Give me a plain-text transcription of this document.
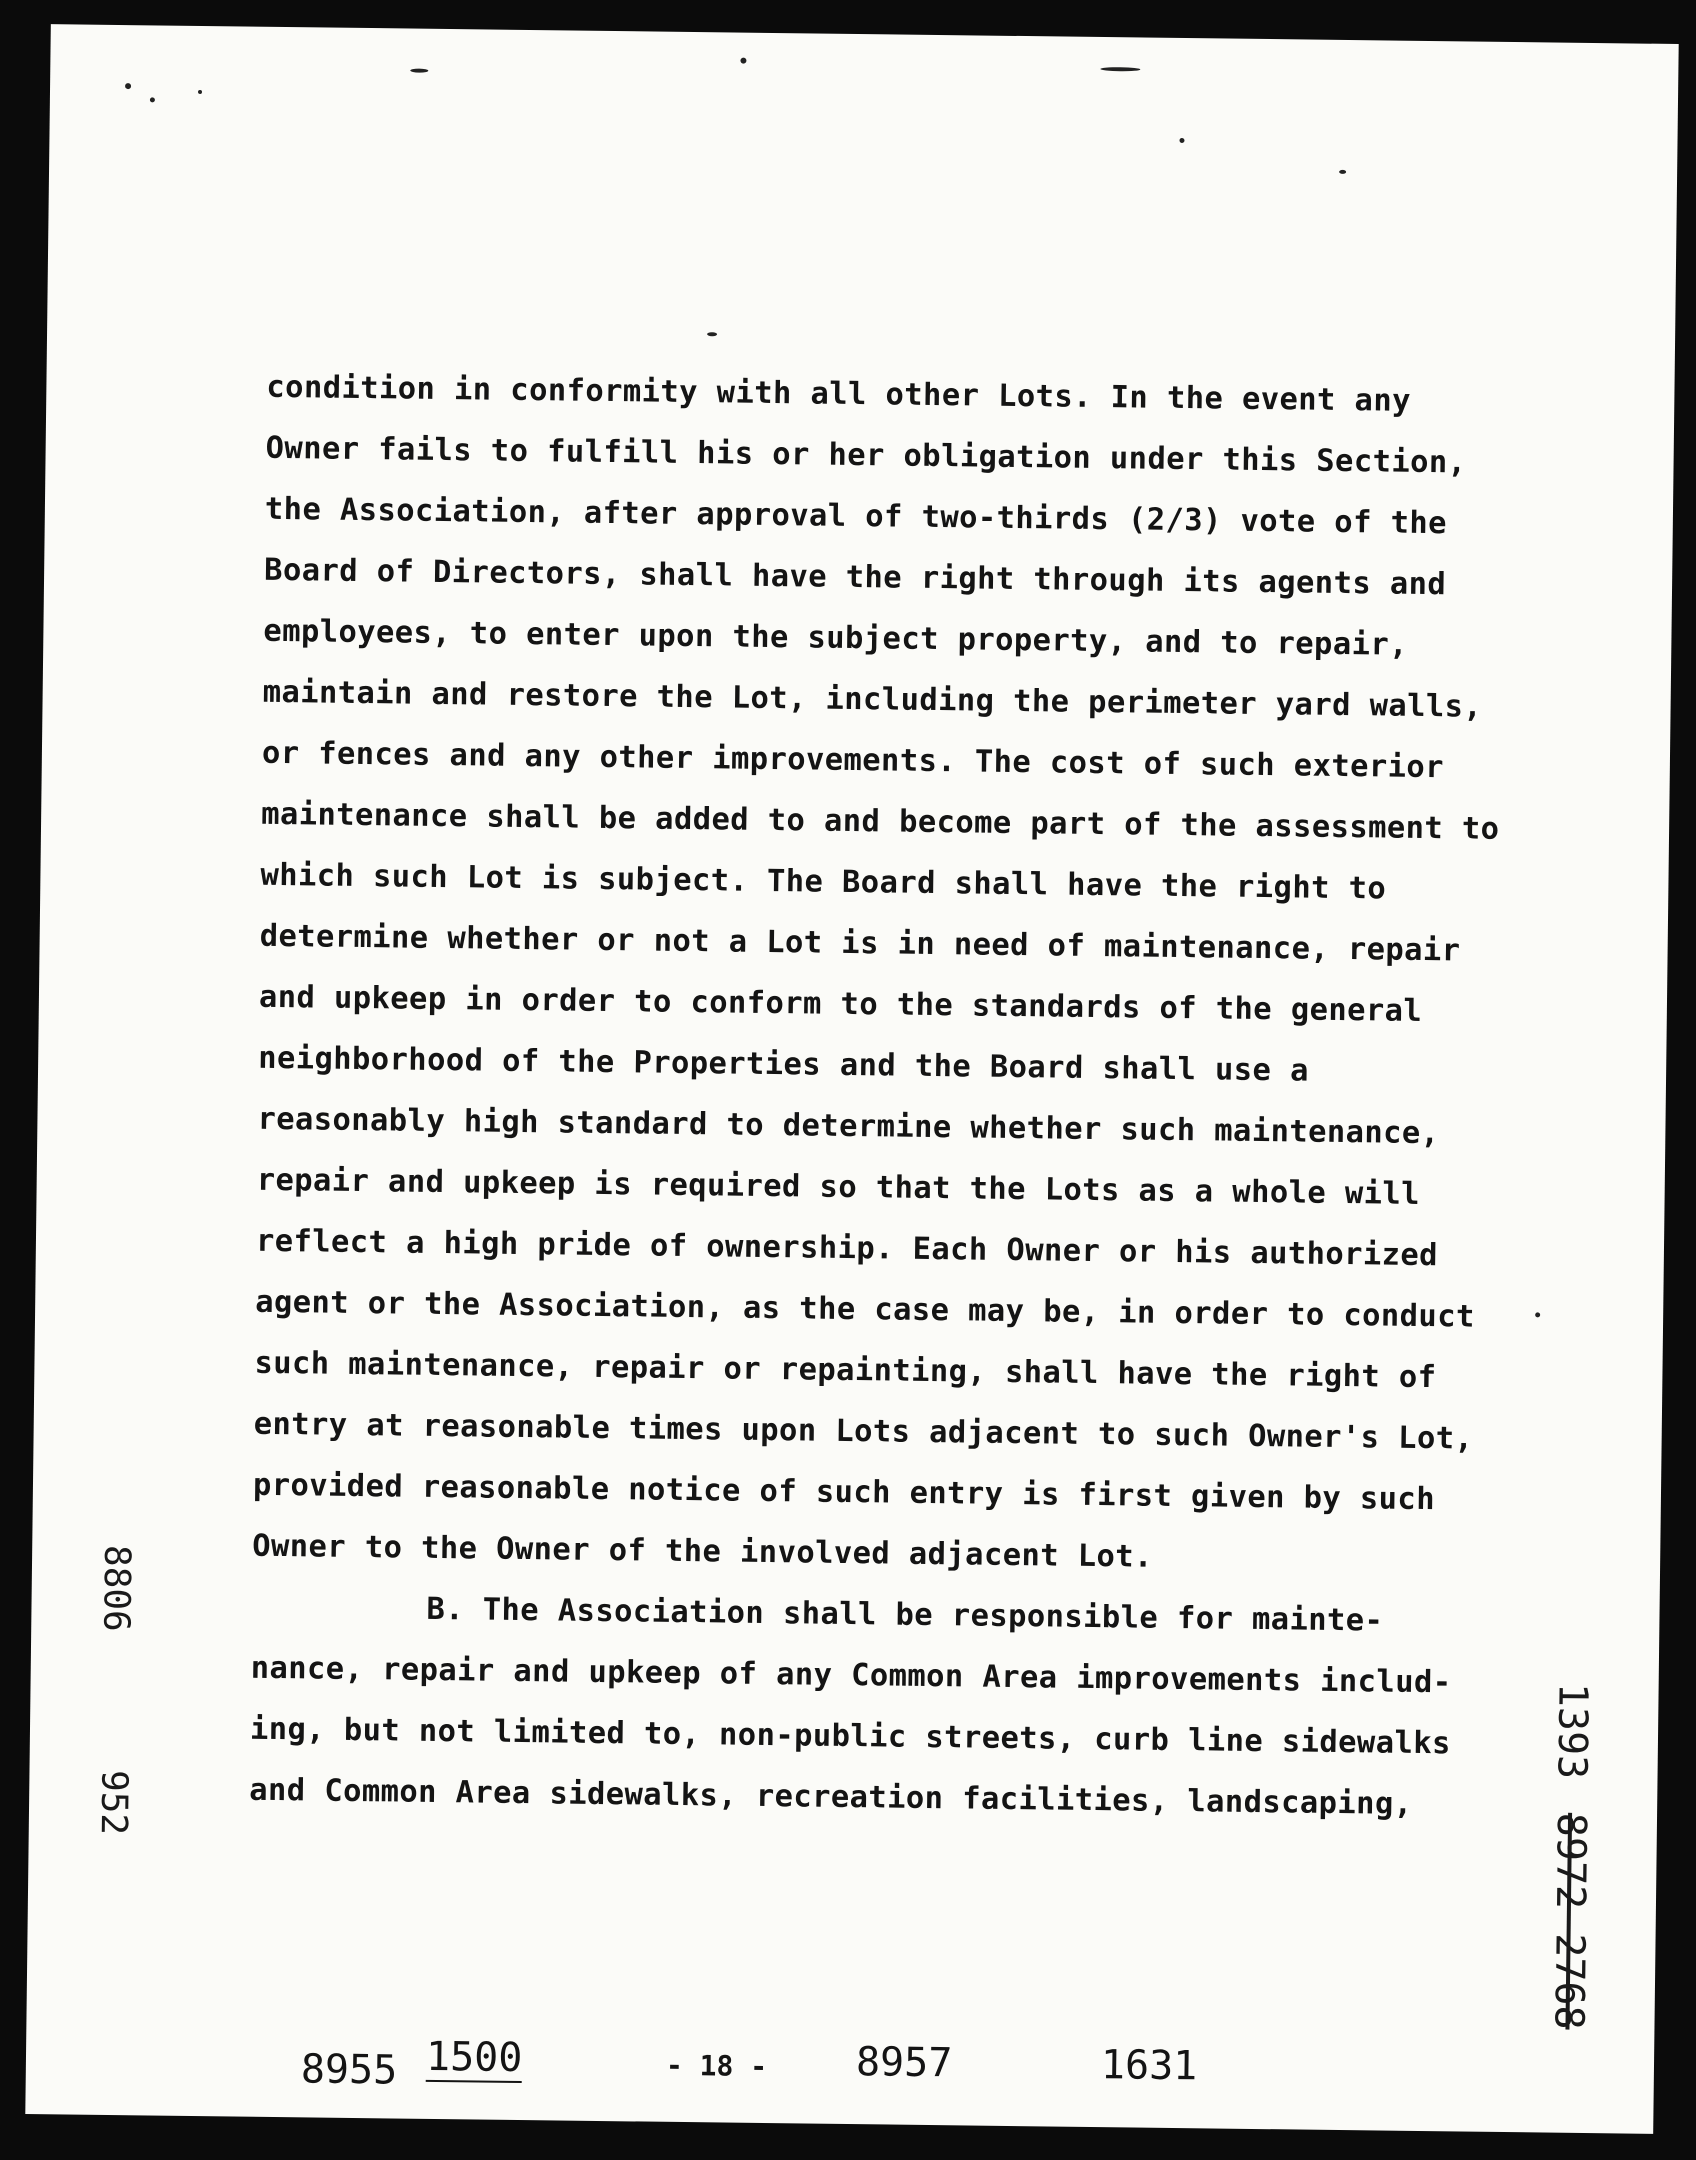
condition in conformity with all other Lots. In the event any
Owner fails to fulfill his or her obligation under this Section,
the Association, after approval of two-thirds (2/3) vote of the
Board of Directors, shall have the right through its agents and
employees, to enter upon the subject property, and to repair,
maintain and restore the Lot, including the perimeter yard walls,
or fences and any other improvements. The cost of such exterior
maintenance shall be added to and become part of the assessment to
which such Lot is subject. The Board shall have the right to
determine whether or not a Lot is in need of maintenance, repair
and upkeep in order to conform to the standards of the general
neighborhood of the Properties and the Board shall use a
reasonably high standard to determine whether such maintenance,
repair and upkeep is required so that the Lots as a whole will
reflect a high pride of ownership. Each Owner or his authorized
agent or the Association, as the case may be, in order to conduct
such maintenance, repair or repainting, shall have the right of
entry at reasonable times upon Lots adjacent to such Owner's Lot,
provided reasonable notice of such entry is first given by such
Owner to the Owner of the involved adjacent Lot.
B. The Association shall be responsible for mainte-
nance, repair and upkeep of any Common Area improvements includ-
ing, but not limited to, non-public streets, curb line sidewalks
and Common Area sidewalks, recreation facilities, landscaping,
8806
952
1393
8972 2768
8955 1500	- 18 - 8957	1631
